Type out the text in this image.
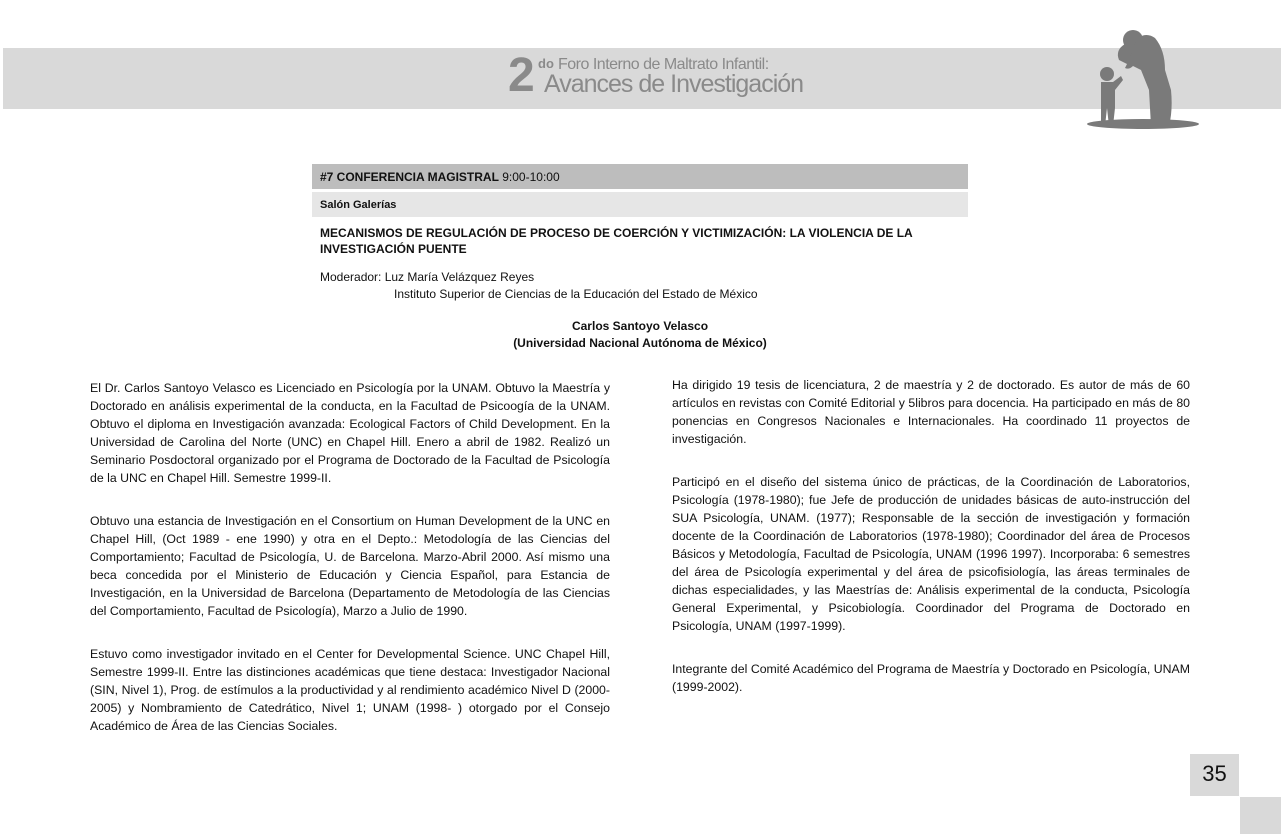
2 do Foro Interno de Maltrato Infantil:
Avances de Investigación
#7 CONFERENCIA MAGISTRAL 9:00-10:00
Salón Galerías
MECANISMOS DE REGULACIÓN DE PROCESO DE COERCIÓN Y VICTIMIZACIÓN: LA VIOLENCIA DE LA INVESTIGACIÓN PUENTE
Moderador: Luz María Velázquez Reyes
Instituto Superior de Ciencias de la Educación del Estado de México
Carlos Santoyo Velasco
(Universidad Nacional Autónoma de México)

El Dr. Carlos Santoyo Velasco es Licenciado en Psicología por la UNAM. Obtuvo la Maestría y Doctorado en análisis experimental de la conducta, en la Facultad de Psicoogía de la UNAM. Obtuvo el diploma en Investigación avanzada: Ecological Factors of Child Development. En la Universidad de Carolina del Norte (UNC) en Chapel Hill. Enero a abril de 1982. Realizó un Seminario Posdoctoral organizado por el Programa de Doctorado de la Facultad de Psicología de la UNC en Chapel Hill. Semestre 1999-II.

Obtuvo una estancia de Investigación en el Consortium on Human Development de la UNC en Chapel Hill, (Oct 1989 - ene 1990) y otra en el Depto.: Metodología de las Ciencias del Comportamiento; Facultad de Psicología, U. de Barcelona. Marzo-Abril 2000. Así mismo una beca concedida por el Ministerio de Educación y Ciencia Español, para Estancia de Investigación, en la Universidad de Barcelona (Departamento de Metodología de las Ciencias del Comportamiento, Facultad de Psicología), Marzo a Julio de 1990.

Estuvo como investigador invitado en el Center for Developmental Science. UNC Chapel Hill, Semestre 1999-II. Entre las distinciones académicas que tiene destaca: Investigador Nacional (SIN, Nivel 1), Prog. de estímulos a la productividad y al rendimiento académico Nivel D (2000-2005) y Nombramiento de Catedrático, Nivel 1; UNAM (1998- ) otorgado por el Consejo Académico de Área de las Ciencias Sociales.

Ha dirigido 19 tesis de licenciatura, 2 de maestría y 2 de doctorado. Es autor de más de 60 artículos en revistas con Comité Editorial y 5libros para docencia. Ha participado en más de 80 ponencias en Congresos Nacionales e Internacionales. Ha coordinado 11 proyectos de investigación.

Participó en el diseño del sistema único de prácticas, de la Coordinación de Laboratorios, Psicología (1978-1980); fue Jefe de producción de unidades básicas de auto-instrucción del SUA Psicología, UNAM. (1977); Responsable de la sección de investigación y formación docente de la Coordinación de Laboratorios (1978-1980); Coordinador del área de Procesos Básicos y Metodología, Facultad de Psicología, UNAM (1996 1997). Incorporaba: 6 semestres del área de Psicología experimental y del área de psicofisiología, las áreas terminales de dichas especialidades, y las Maestrías de: Análisis experimental de la conducta, Psicología General Experimental, y Psicobiología. Coordinador del Programa de Doctorado en Psicología, UNAM (1997-1999).

Integrante del Comité Académico del Programa de Maestría y Doctorado en Psicología, UNAM (1999-2002).

35
